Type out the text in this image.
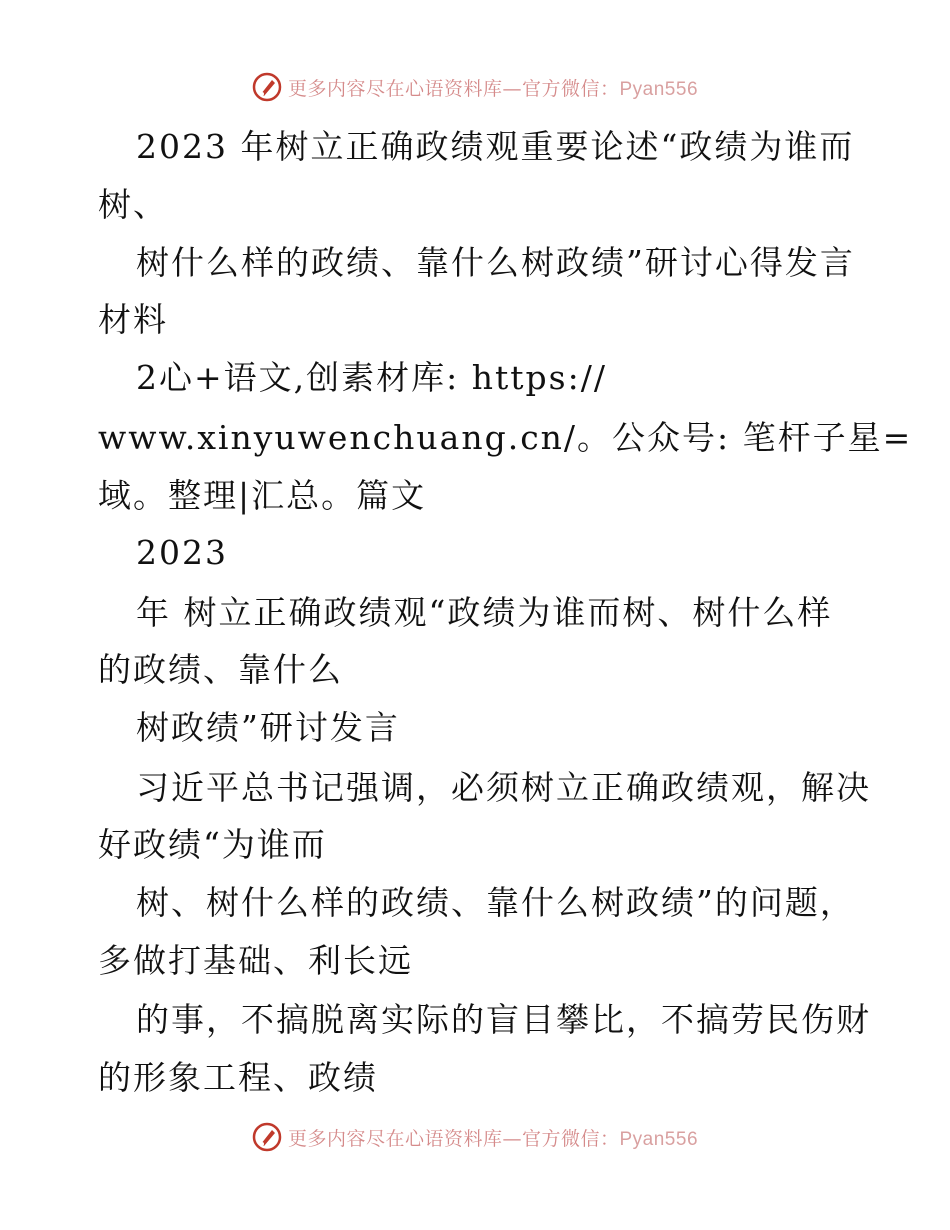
更多内容尽在心语资料库—官方微信：Pyan556
2023 年树立正确政绩观重要论述“政绩为谁而
树、
树什么样的政绩、靠什么树政绩”研讨心得发言
材料
2心+语文,创素材库: https://
www.xinyuwenchuang.cn/。公众号: 笔杆子星=
域。整理|汇总。篇文
2023
年 树立正确政绩观“政绩为谁而树、树什么样
的政绩、靠什么
树政绩”研讨发言
习近平总书记强调，必须树立正确政绩观，解决
好政绩“为谁而
树、树什么样的政绩、靠什么树政绩”的问题，
多做打基础、利长远
的事，不搞脱离实际的盲目攀比，不搞劳民伤财
的形象工程、政绩
更多内容尽在心语资料库—官方微信：Pyan556
